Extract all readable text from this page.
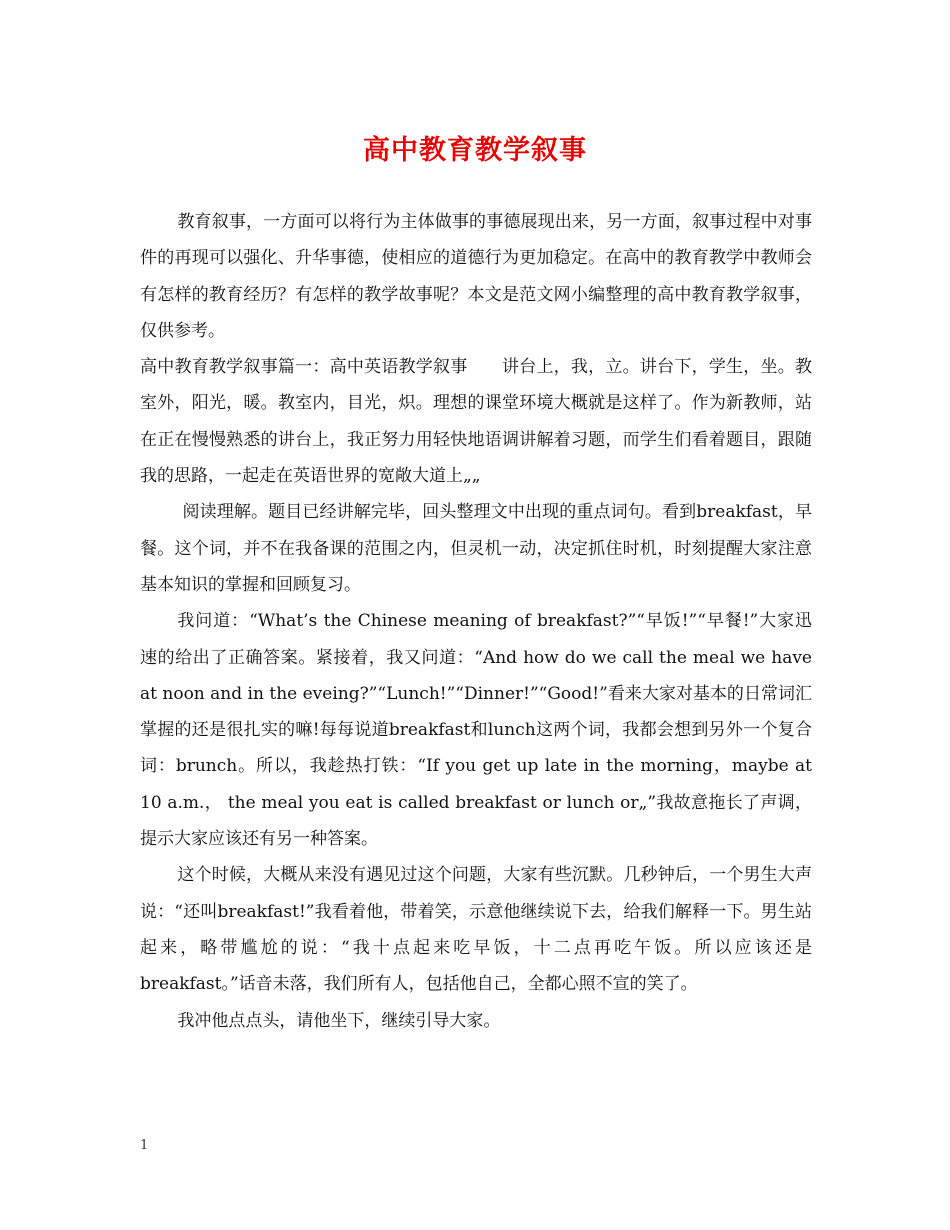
高中教育教学叙事

教育叙事，一方面可以将行为主体做事的事德展现出来，另一方面，叙事过程中对事件的再现可以强化、升华事德，使相应的道德行为更加稳定。在高中的教育教学中教师会有怎样的教育经历？有怎样的教学故事呢？本文是范文网小编整理的高中教育教学叙事，仅供参考。

高中教育教学叙事篇一：高中英语教学叙事　　讲台上，我，立。讲台下，学生，坐。教室外，阳光，暖。教室内，目光，炽。理想的课堂环境大概就是这样了。作为新教师，站在正在慢慢熟悉的讲台上，我正努力用轻快地语调讲解着习题，而学生们看着题目，跟随我的思路，一起走在英语世界的宽敞大道上„„

阅读理解。题目已经讲解完毕，回头整理文中出现的重点词句。看到breakfast，早餐。这个词，并不在我备课的范围之内，但灵机一动，决定抓住时机，时刻提醒大家注意基本知识的掌握和回顾复习。

我问道：“What’s the Chinese meaning of breakfast?”“早饭!”“早餐!”大家迅速的给出了正确答案。紧接着，我又问道：“And how do we call the meal we have at noon and in the eveing?”“Lunch!”“Dinner!”“Good!”看来大家对基本的日常词汇掌握的还是很扎实的嘛!每每说道breakfast和lunch这两个词，我都会想到另外一个复合词：brunch。所以，我趁热打铁：“If you get up late in the morning，maybe at 10 a.m.， the meal you eat is called breakfast or lunch or„”我故意拖长了声调，提示大家应该还有另一种答案。

这个时候，大概从来没有遇见过这个问题，大家有些沉默。几秒钟后，一个男生大声说：“还叫breakfast!”我看着他，带着笑，示意他继续说下去，给我们解释一下。男生站起来，略带尴尬的说：“我十点起来吃早饭，十二点再吃午饭。所以应该还是breakfast。”话音未落，我们所有人，包括他自己，全都心照不宣的笑了。

我冲他点点头，请他坐下，继续引导大家。

1
